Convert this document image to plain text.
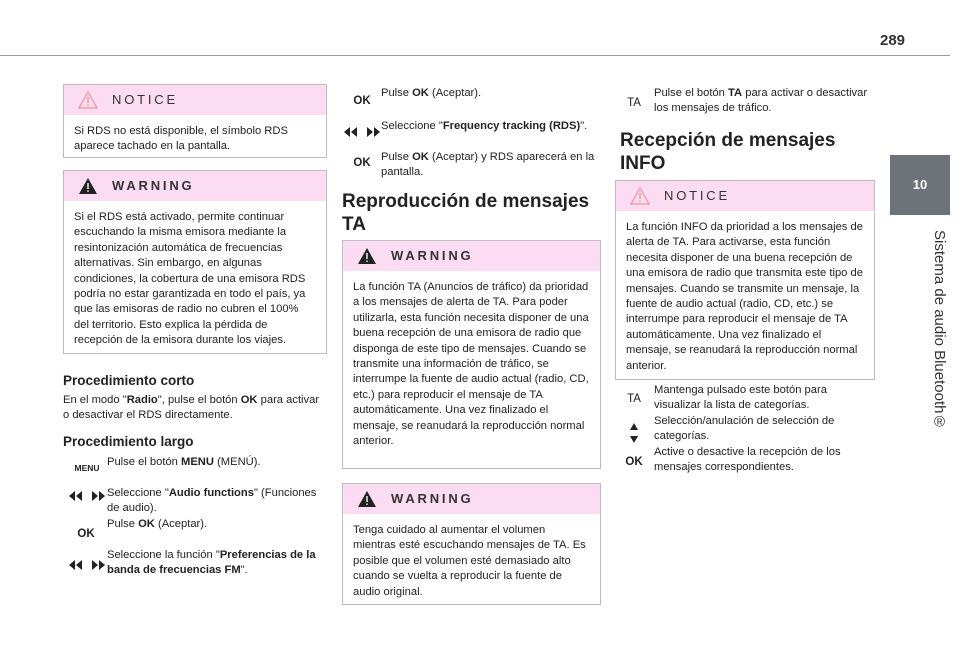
289
10
Sistema de audio Bluetooth®
NOTICE
Si RDS no está disponible, el símbolo RDS aparece tachado en la pantalla.
WARNING
Si el RDS está activado, permite continuar escuchando la misma emisora mediante la resintonización automática de frecuencias alternativas. Sin embargo, en algunas condiciones, la cobertura de una emisora RDS podría no estar garantizada en todo el país, ya que las emisoras de radio no cubren el 100% del territorio. Esto explica la pérdida de recepción de la emisora durante los viajes.
Procedimiento corto
En el modo "Radio", pulse el botón OK para activar o desactivar el RDS directamente.
Procedimiento largo
MENU Pulse el botón MENU (MENÚ).
Seleccione "Audio functions" (Funciones de audio).
OK
Pulse OK (Aceptar).
Seleccione la función "Preferencias de la banda de frecuencias FM".
OK
Pulse OK (Aceptar).
Seleccione "Frequency tracking (RDS)".
OK Pulse OK (Aceptar) y RDS aparecerá en la pantalla.
Reproducción de mensajes
TA
WARNING
La función TA (Anuncios de tráfico) da prioridad a los mensajes de alerta de TA. Para poder utilizarla, esta función necesita disponer de una buena recepción de una emisora de radio que disponga de este tipo de mensajes. Cuando se transmite una información de tráfico, se interrumpe la fuente de audio actual (radio, CD, etc.) para reproducir el mensaje de TA automáticamente. Una vez finalizado el mensaje, se reanudará la reproducción normal anterior.
WARNING
Tenga cuidado al aumentar el volumen mientras esté escuchando mensajes de TA. Es posible que el volumen esté demasiado alto cuando se vuelta a reproducir la fuente de audio original.
TA
Pulse el botón TA para activar o desactivar los mensajes de tráfico.
Recepción de mensajes
INFO
NOTICE
La función INFO da prioridad a los mensajes de alerta de TA. Para activarse, esta función necesita disponer de una buena recepción de una emisora de radio que transmita este tipo de mensajes. Cuando se transmite un mensaje, la fuente de audio actual (radio, CD, etc.) se interrumpe para reproducir el mensaje de TA automáticamente. Una vez finalizado el mensaje, se reanudará la reproducción normal anterior.
TA
Mantenga pulsado este botón para visualizar la lista de categorías.
Selección/anulación de selección de categorías.
OK
Active o desactive la recepción de los mensajes correspondientes.
